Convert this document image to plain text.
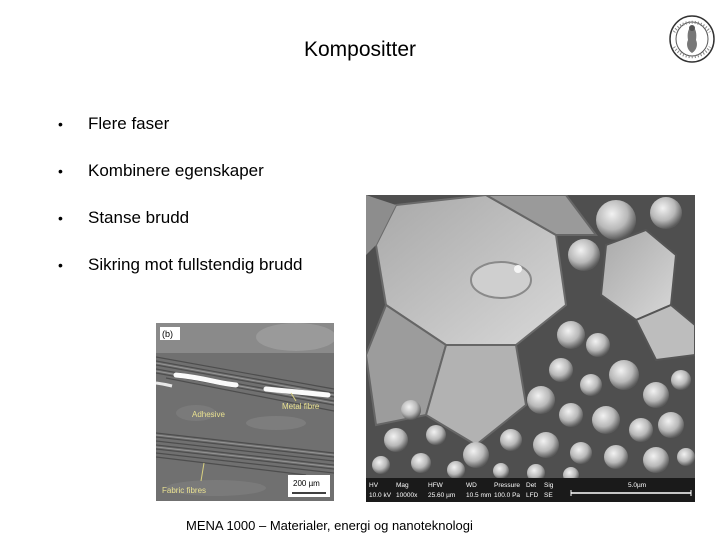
Kompositter
• Flere faser
• Kombinere egenskaper
• Stanse brudd
• Sikring mot fullstendig brudd
HV	Mag	HFW	WD	Pressure Det Sig
10.0 kV 10000x 25.60 µm 10.5 mm 100.0 Pa LFD SE
5.0µm
(b)
Metal fibre
Adhesive
Fabric fibres
200 µm
MENA 1000 – Materialer, energi og nanoteknologi
